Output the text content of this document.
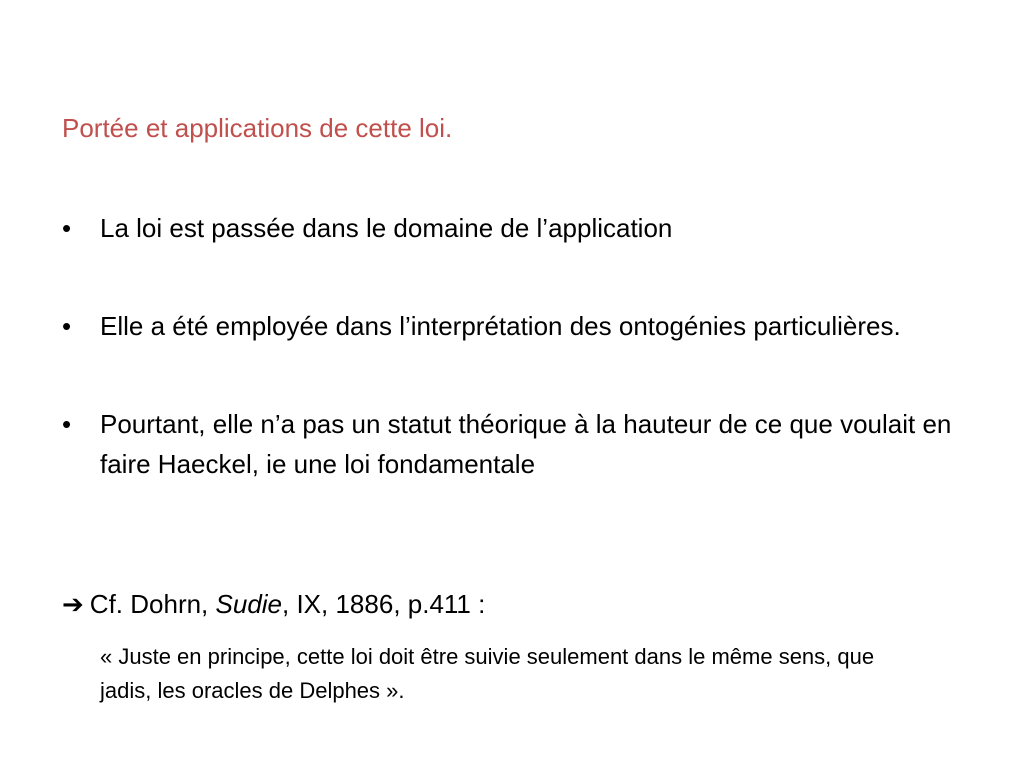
Portée et applications de cette loi.
•	La loi est passée dans le domaine de l’application
•	Elle a été employée dans l’interprétation des ontogénies particulières.
•	Pourtant, elle n’a pas un statut théorique à la hauteur de ce que voulait en faire Haeckel, ie une loi fondamentale
➔ Cf. Dohrn, Sudie, IX, 1886, p.411 :
« Juste en principe, cette loi doit être suivie seulement dans le même sens, que jadis, les oracles de Delphes ».
